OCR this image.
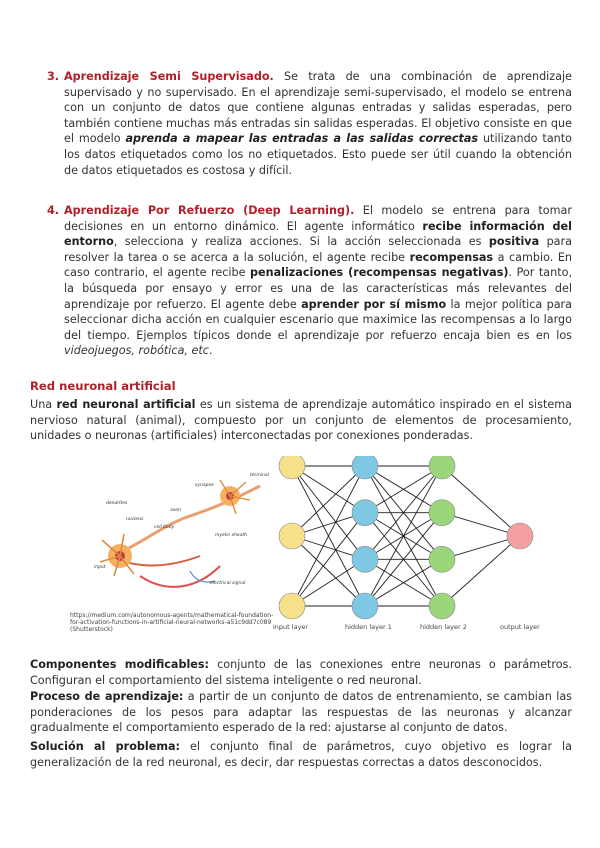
3. Aprendizaje Semi Supervisado. Se trata de una combinación de aprendizaje supervisado y no supervisado. En el aprendizaje semi-supervisado, el modelo se entrena con un conjunto de datos que contiene algunas entradas y salidas esperadas, pero también contiene muchas más entradas sin salidas esperadas. El objetivo consiste en que el modelo aprenda a mapear las entradas a las salidas correctas utilizando tanto los datos etiquetados como los no etiquetados. Esto puede ser útil cuando la obtención de datos etiquetados es costosa y difícil.
4. Aprendizaje Por Refuerzo (Deep Learning). El modelo se entrena para tomar decisiones en un entorno dinámico. El agente informático recibe información del entorno, selecciona y realiza acciones. Si la acción seleccionada es positiva para resolver la tarea o se acerca a la solución, el agente recibe recompensas a cambio. En caso contrario, el agente recibe penalizaciones (recompensas negativas). Por tanto, la búsqueda por ensayo y error es una de las características más relevantes del aprendizaje por refuerzo. El agente debe aprender por sí mismo la mejor política para seleccionar dicha acción en cualquier escenario que maximice las recompensas a lo largo del tiempo. Ejemplos típicos donde el aprendizaje por refuerzo encaja bien es en los videojuegos, robótica, etc.
Red neuronal artificial
Una red neuronal artificial es un sistema de aprendizaje automático inspirado en el sistema nervioso natural (animal), compuesto por un conjunto de elementos de procesamiento, unidades o neuronas (artificiales) interconectadas por conexiones ponderadas.
dendrites
nucleus
cell body
axon
synapse
terminal
myelin sheath
electrical signal
input
https://medium.com/autonomous-agents/mathematical-foundation-for-activation-functions-in-artificial-neural-networks-a51c9dd7c089 (Shutterstock)	input layer	hidden layer 1	hidden layer 2	output layer
Componentes modificables: conjunto de las conexiones entre neuronas o parámetros. Configuran el comportamiento del sistema inteligente o red neuronal.
Proceso de aprendizaje: a partir de un conjunto de datos de entrenamiento, se cambian las ponderaciones de los pesos para adaptar las respuestas de las neuronas y alcanzar gradualmente el comportamiento esperado de la red: ajustarse al conjunto de datos.
Solución al problema: el conjunto final de parámetros, cuyo objetivo es lograr la generalización de la red neuronal, es decir, dar respuestas correctas a datos desconocidos.
